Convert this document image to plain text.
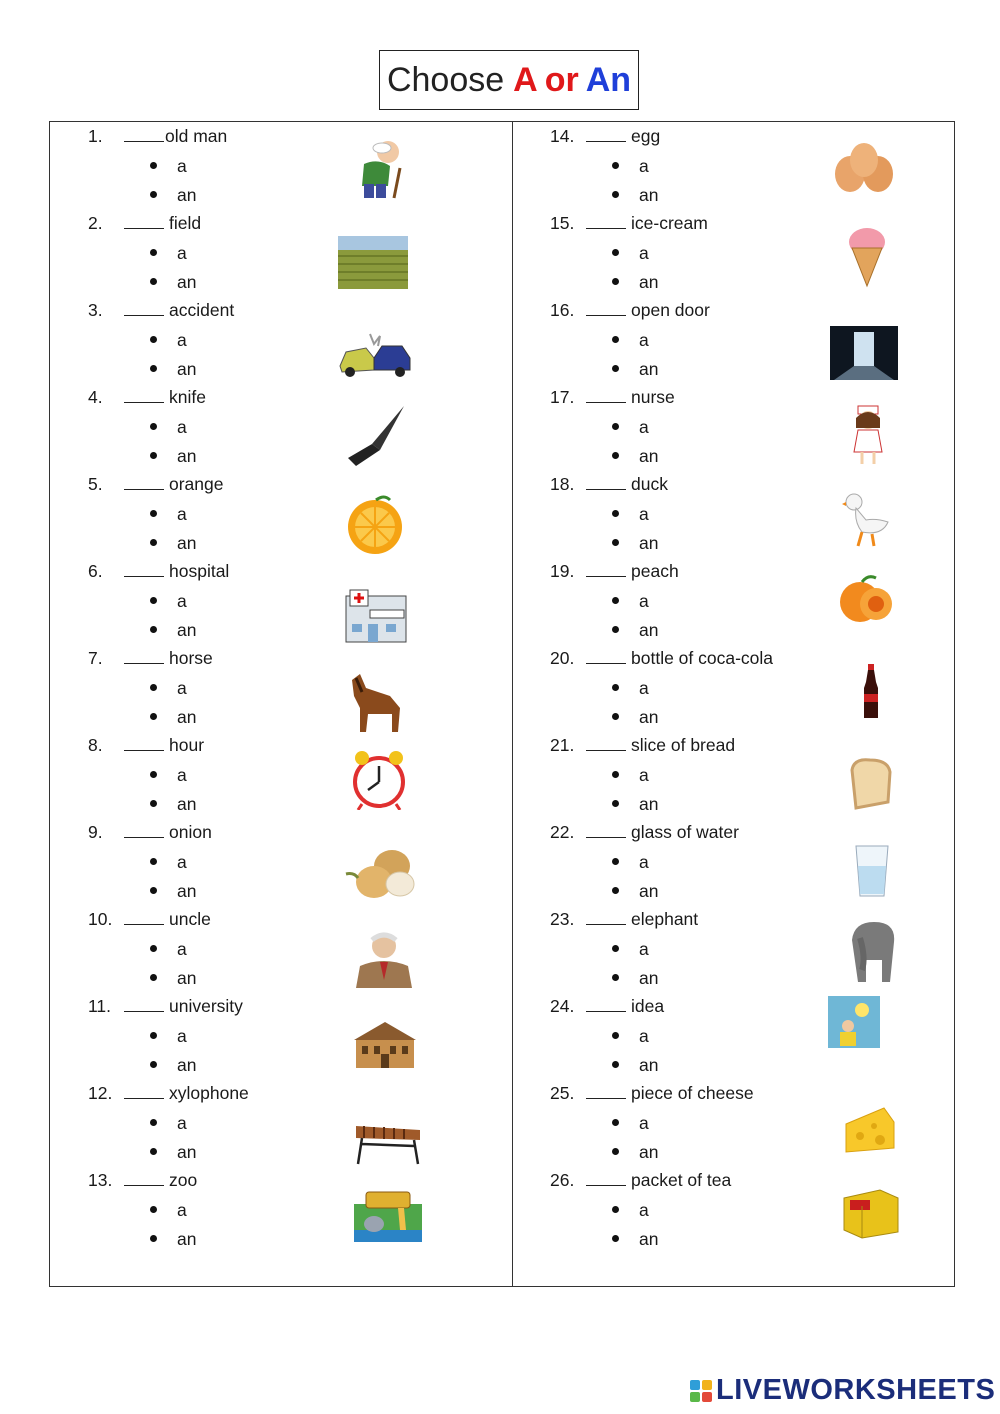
Choose A or An
1.	old man
a
an
2.	field
a
an
3.	accident
a
an
4.	knife
a
an
5.	orange
a
an
6.	hospital
a
an
7.	horse
a
an
8.	hour
a
an
9.	onion
a
an
10.	uncle
a
an
11.	university
a
an
12.	xylophone
a
an
13.	zoo
a
an
14.	egg
a
an
15.	ice-cream
a
an
16.	open door
a
an
17.	nurse
a
an
18.	duck
a
an
19.	peach
a
an
20.	bottle of coca-cola
a
an
21.	slice of bread
a
an
22.	glass of water
a
an
23.	elephant
a
an
24.	idea
a
an
25.	piece of cheese
a
an
26.	packet of tea
a
an
LIVEWORKSHEETS
